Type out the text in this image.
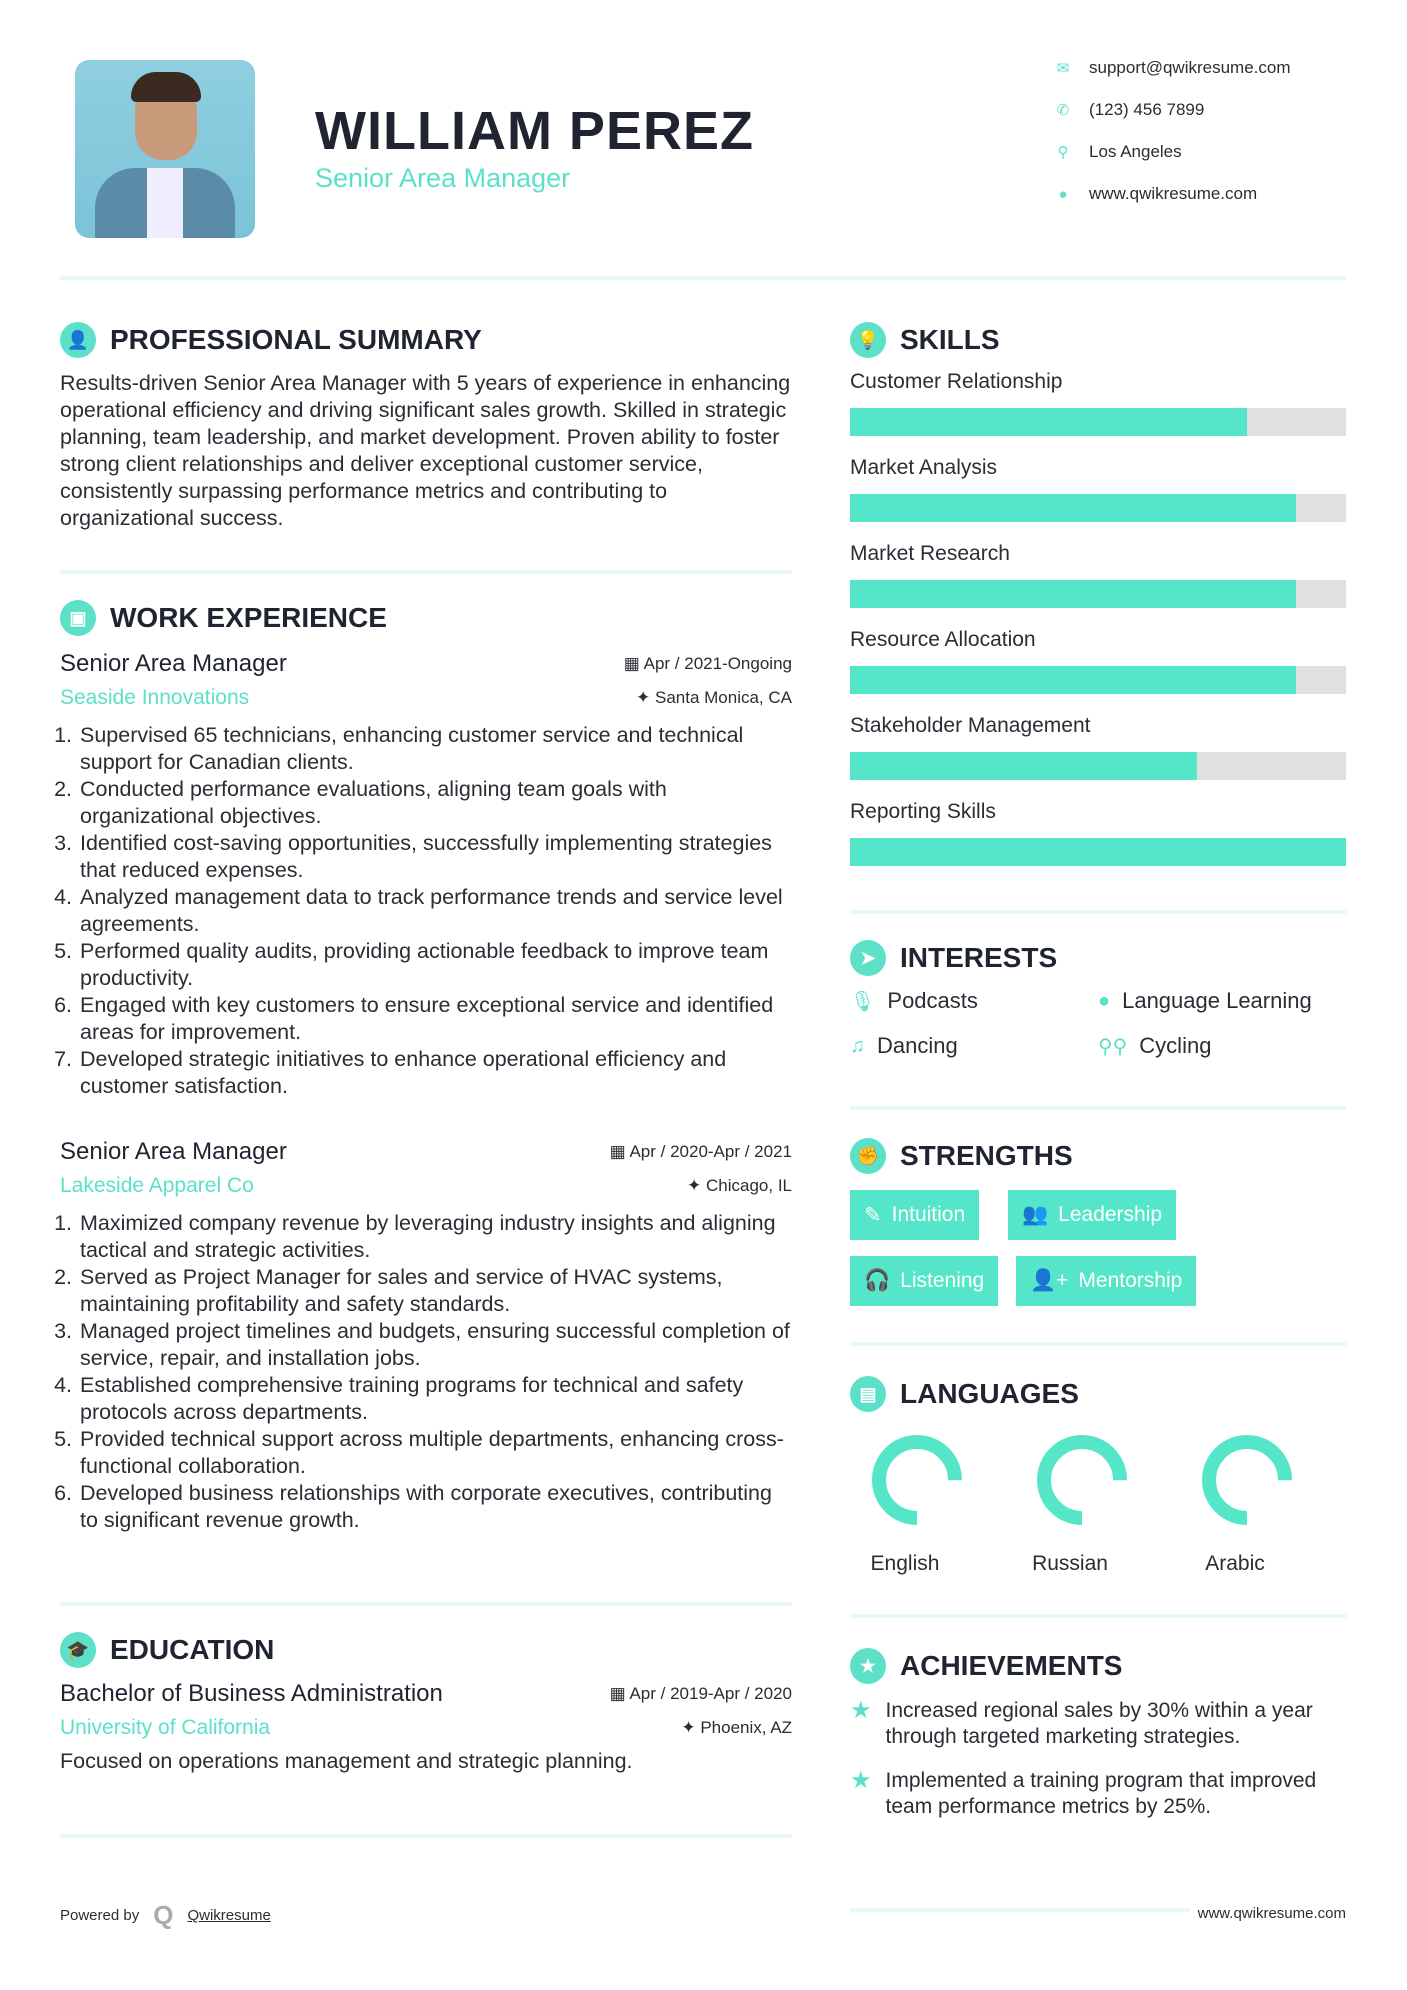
WILLIAM PEREZ
Senior Area Manager
✉ support@qwikresume.com
✆ (123) 456 7899
⚲ Los Angeles
● www.qwikresume.com
👤 PROFESSIONAL SUMMARY

Results-driven Senior Area Manager with 5 years of experience in enhancing operational efficiency and driving significant sales growth. Skilled in strategic planning, team leadership, and market development. Proven ability to foster strong client relationships and deliver exceptional customer service, consistently surpassing performance metrics and contributing to organizational success.

▣ WORK EXPERIENCE
Senior Area Manager	▦ Apr / 2021-Ongoing
Seaside Innovations	✦ Santa Monica, CA
1. Supervised 65 technicians, enhancing customer service and technical support for Canadian clients.
2. Conducted performance evaluations, aligning team goals with organizational objectives.
3. Identified cost-saving opportunities, successfully implementing strategies that reduced expenses.
4. Analyzed management data to track performance trends and service level agreements.
5. Performed quality audits, providing actionable feedback to improve team productivity.
6. Engaged with key customers to ensure exceptional service and identified areas for improvement.
7. Developed strategic initiatives to enhance operational efficiency and customer satisfaction.
Senior Area Manager	▦ Apr / 2020-Apr / 2021
Lakeside Apparel Co	✦ Chicago, IL
1. Maximized company revenue by leveraging industry insights and aligning tactical and strategic activities.
2. Served as Project Manager for sales and service of HVAC systems, maintaining profitability and safety standards.
3. Managed project timelines and budgets, ensuring successful completion of service, repair, and installation jobs.
4. Established comprehensive training programs for technical and safety protocols across departments.
5. Provided technical support across multiple departments, enhancing cross-functional collaboration.
6. Developed business relationships with corporate executives, contributing to significant revenue growth.
🎓 EDUCATION
Bachelor of Business Administration	▦ Apr / 2019-Apr / 2020
University of California	✦ Phoenix, AZ

Focused on operations management and strategic planning.

Powered by Q Qwikresume
💡 SKILLS
Customer Relationship
Market Analysis
Market Research
Resource Allocation
Stakeholder Management
Reporting Skills
➤ INTERESTS
🎙 Podcasts	● Language Learning
♫ Dancing	⚲⚲ Cycling
✊ STRENGTHS
✎ Intuition	👥 Leadership
🎧 Listening 👤+ Mentorship
▤ LANGUAGES
English	Russian	Arabic
★ ACHIEVEMENTS
★ Increased regional sales by 30% within a year through targeted marketing strategies.
★ Implemented a training program that improved team performance metrics by 25%.
www.qwikresume.com
